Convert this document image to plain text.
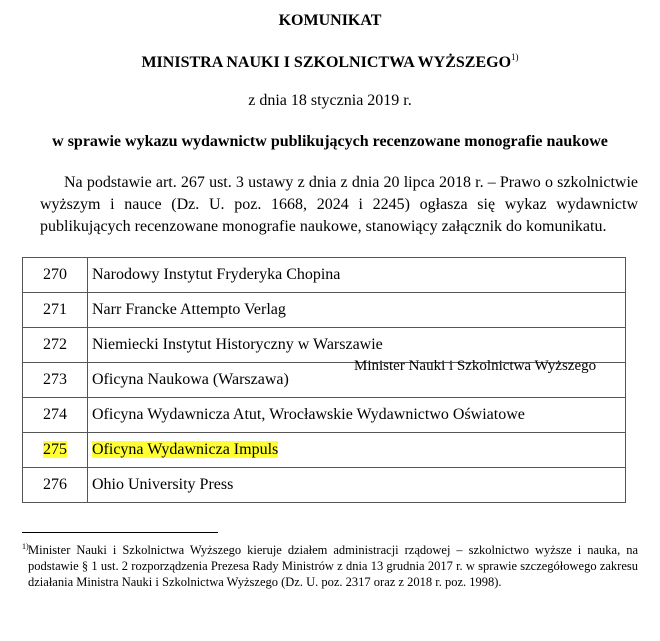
KOMUNIKAT
MINISTRA NAUKI I SZKOLNICTWA WYŻSZEGO$^{1)}$
z dnia 18 stycznia 2019 r.
w sprawie wykazu wydawnictw publikujących recenzowane monografie naukowe
Na podstawie art. 267 ust. 3 ustawy z dnia z dnia 20 lipca 2018 r. – Prawo o szkolnictwie wyższym i nauce (Dz. U. poz. 1668, 2024 i 2245) ogłasza się wykaz wydawnictw publikujących recenzowane monografie naukowe, stanowiący załącznik do komunikatu.
270	Narodowy Instytut Fryderyka Chopina
271	Narr Francke Attempto Verlag
272	Niemiecki Instytut Historyczny w Warszawie
273	Oficyna Naukowa (Warszawa)
274	Oficyna Wydawnicza Atut, Wrocławskie Wydawnictwo Oświatowe
275	Oficyna Wydawnicza Impuls
276	Ohio University Press
Minister Nauki i Szkolnictwa Wyższego
1) Minister Nauki i Szkolnictwa Wyższego kieruje działem administracji rządowej – szkolnictwo wyższe i nauka, na podstawie § 1 ust. 2 rozporządzenia Prezesa Rady Ministrów z dnia 13 grudnia 2017 r. w sprawie szczegółowego zakresu działania Ministra Nauki i Szkolnictwa Wyższego (Dz. U. poz. 2317 oraz z 2018 r. poz. 1998).
